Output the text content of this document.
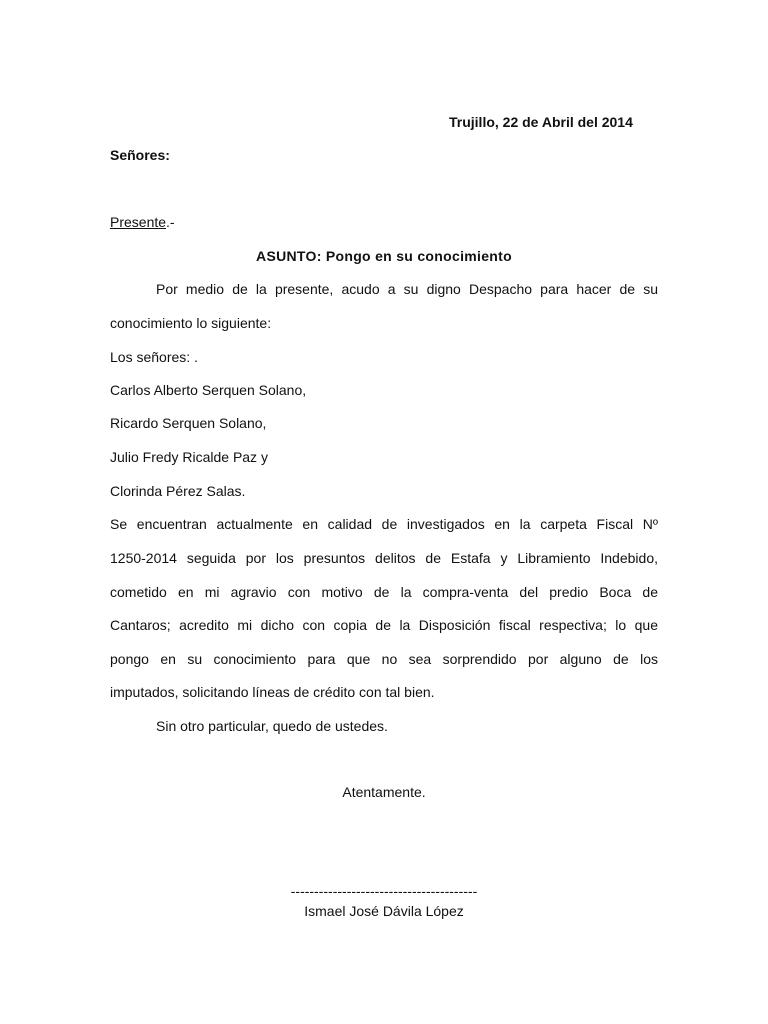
Trujillo, 22 de Abril del 2014
Señores:
Presente.-
ASUNTO: Pongo en su conocimiento
Por medio de la presente, acudo a su digno Despacho para hacer de su
conocimiento lo siguiente:
Los señores: .
Carlos Alberto Serquen Solano,
Ricardo Serquen Solano,
Julio Fredy Ricalde Paz y
Clorinda Pérez Salas.
Se encuentran actualmente en calidad de investigados en la carpeta Fiscal Nº
1250-2014 seguida por los presuntos delitos de Estafa y Libramiento Indebido,
cometido en mi agravio con motivo de la compra-venta del predio Boca de
Cantaros; acredito mi dicho con copia de la Disposición fiscal respectiva; lo que
pongo en su conocimiento para que no sea sorprendido por alguno de los
imputados, solicitando líneas de crédito con tal bien.
Sin otro particular, quedo de ustedes.
Atentamente.
----------------------------------------
Ismael José Dávila López
